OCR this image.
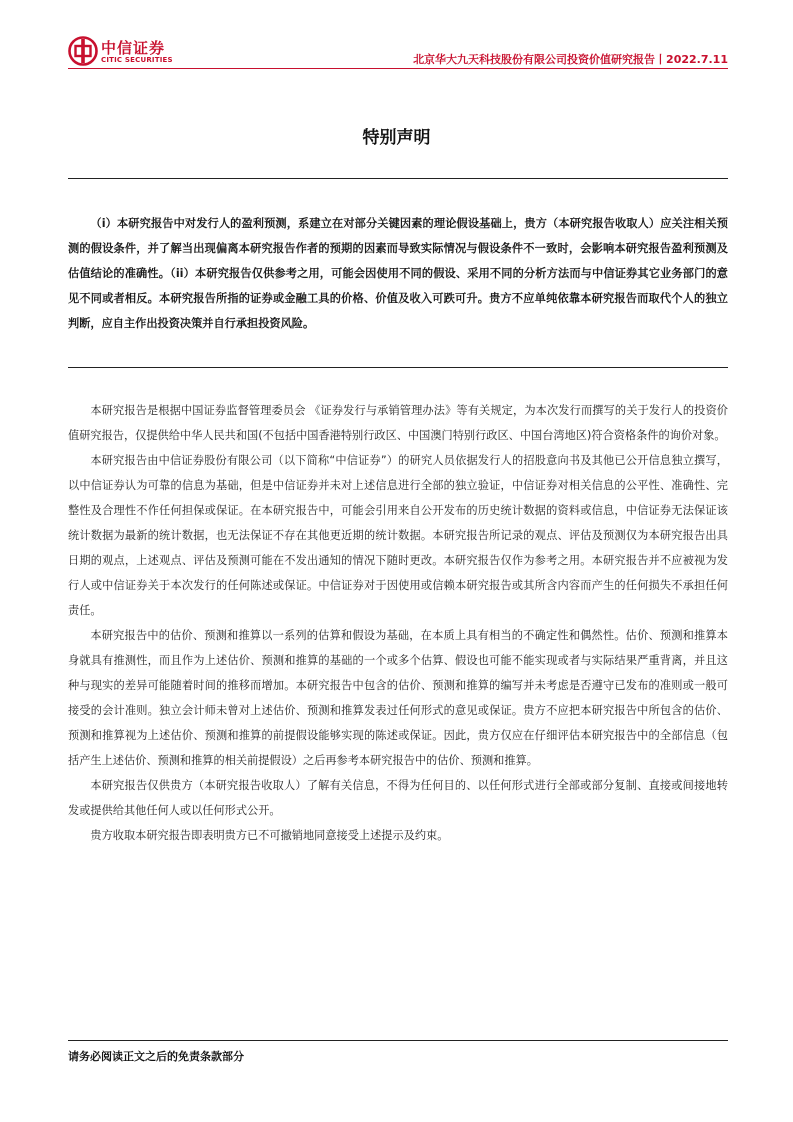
中信证券
CITIC SECURITIES	北京华大九天科技股份有限公司投资价值研究报告丨2022.7.11
特别声明

（i）本研究报告中对发行人的盈利预测，系建立在对部分关键因素的理论假设基础上，贵方（本研究报告收取人）应关注相关预测的假设条件，并了解当出现偏离本研究报告作者的预期的因素而导致实际情况与假设条件不一致时，会影响本研究报告盈利预测及估值结论的准确性。（ii）本研究报告仅供参考之用，可能会因使用不同的假设、采用不同的分析方法而与中信证券其它业务部门的意见不同或者相反。本研究报告所指的证券或金融工具的价格、价值及收入可跌可升。贵方不应单纯依靠本研究报告而取代个人的独立判断，应自主作出投资决策并自行承担投资风险。

本研究报告是根据中国证券监督管理委员会 《证券发行与承销管理办法》等有关规定，为本次发行而撰写的关于发行人的投资价值研究报告，仅提供给中华人民共和国(不包括中国香港特别行政区、中国澳门特别行政区、中国台湾地区)符合资格条件的询价对象。

本研究报告由中信证券股份有限公司（以下简称“中信证券”）的研究人员依据发行人的招股意向书及其他已公开信息独立撰写，以中信证券认为可靠的信息为基础，但是中信证券并未对上述信息进行全部的独立验证，中信证券对相关信息的公平性、准确性、完整性及合理性不作任何担保或保证。在本研究报告中，可能会引用来自公开发布的历史统计数据的资料或信息，中信证券无法保证该统计数据为最新的统计数据，也无法保证不存在其他更近期的统计数据。本研究报告所记录的观点、评估及预测仅为本研究报告出具日期的观点，上述观点、评估及预测可能在不发出通知的情况下随时更改。本研究报告仅作为参考之用。本研究报告并不应被视为发行人或中信证券关于本次发行的任何陈述或保证。中信证券对于因使用或信赖本研究报告或其所含内容而产生的任何损失不承担任何责任。

本研究报告中的估价、预测和推算以一系列的估算和假设为基础，在本质上具有相当的不确定性和偶然性。估价、预测和推算本身就具有推测性，而且作为上述估价、预测和推算的基础的一个或多个估算、假设也可能不能实现或者与实际结果严重背离，并且这种与现实的差异可能随着时间的推移而增加。本研究报告中包含的估价、预测和推算的编写并未考虑是否遵守已发布的准则或一般可接受的会计准则。独立会计师未曾对上述估价、预测和推算发表过任何形式的意见或保证。贵方不应把本研究报告中所包含的估价、预测和推算视为上述估价、预测和推算的前提假设能够实现的陈述或保证。因此，贵方仅应在仔细评估本研究报告中的全部信息（包括产生上述估价、预测和推算的相关前提假设）之后再参考本研究报告中的估价、预测和推算。

本研究报告仅供贵方（本研究报告收取人）了解有关信息，不得为任何目的、以任何形式进行全部或部分复制、直接或间接地转发或提供给其他任何人或以任何形式公开。

贵方收取本研究报告即表明贵方已不可撤销地同意接受上述提示及约束。

请务必阅读正文之后的免责条款部分
